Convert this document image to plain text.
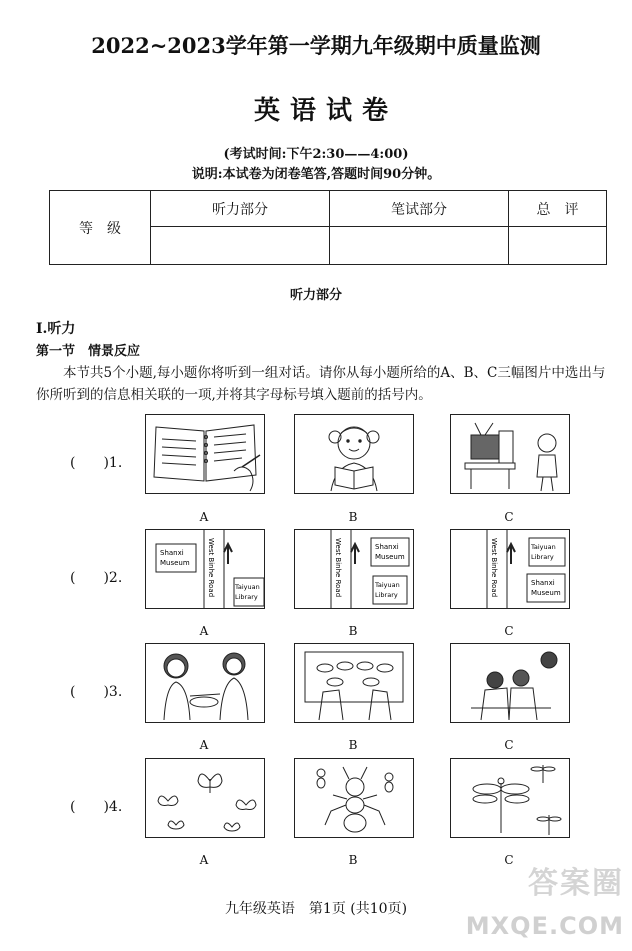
2022~2023学年第一学期九年级期中质量监测
英语试卷
(考试时间:下午2:30——4:00)
说明:本试卷为闭卷笔答,答题时间90分钟。
等　级	听力部分	笔试部分	总　评

听力部分
Ⅰ.听力
第一节　情景反应
本节共5个小题,每小题你将听到一组对话。请你从每小题所给的A、B、C三幅图片中选出与你所听到的信息相关联的一项,并将其字母标号填入题前的括号内。
(　　)1.
(　　)2.
(　　)3.
(　　)4.
A	B	C
Shanxi
Museum
Taiyuan
Library
West Binhe Road
A
Shanxi
Museum
Taiyuan
Library
West Binhe Road
B
Taiyuan
Library
Shanxi
Museum
West Binhe Road
C
A	B	C
A	B	C
九年级英语　第1页 (共10页)
答案圈
MXQE.COM
